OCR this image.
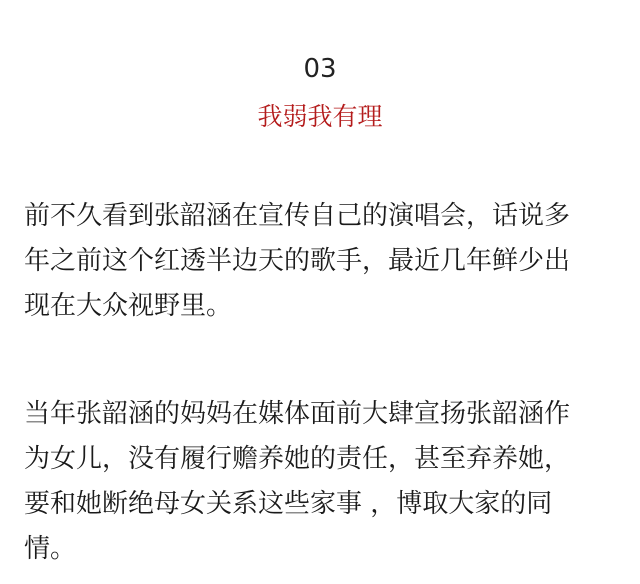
03
我弱我有理
前不久看到张韶涵在宣传自己的演唱会，话说多
年之前这个红透半边天的歌手，最近几年鲜少出
现在大众视野里。
当年张韶涵的妈妈在媒体面前大肆宣扬张韶涵作
为女儿，没有履行赡养她的责任，甚至弃养她，
要和她断绝母女关系这些家事 ，博取大家的同
情。
